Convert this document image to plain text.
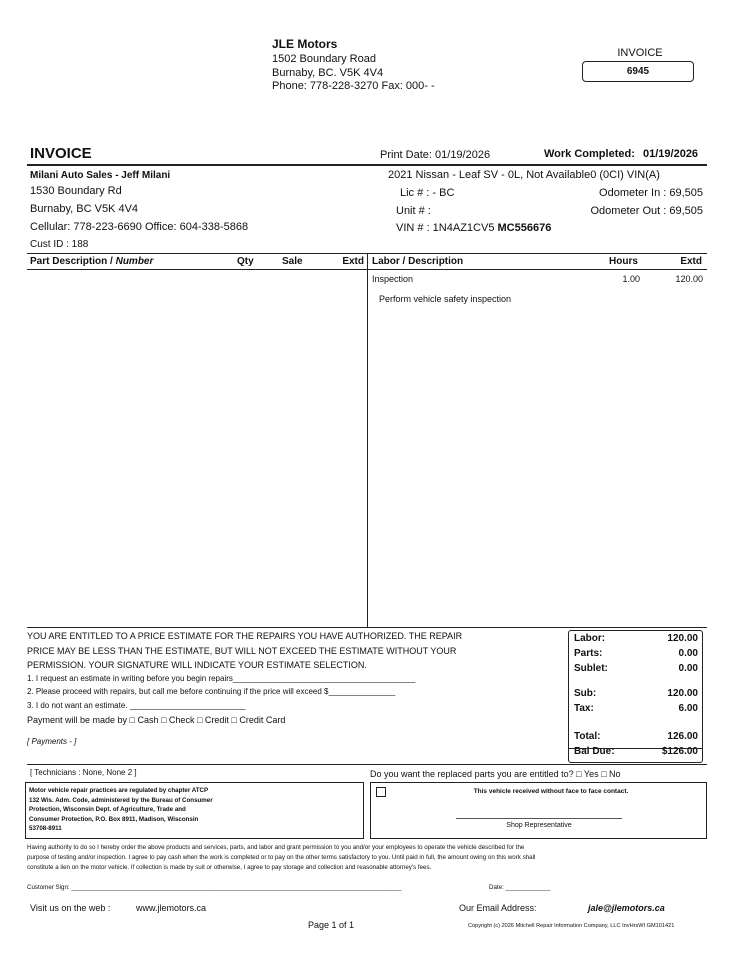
JLE Motors
1502 Boundary Road
Burnaby, BC. V5K 4V4
Phone: 778-228-3270 Fax: 000- -
INVOICE
6945
INVOICE	Print Date: 01/19/2026	Work Completed: 01/19/2026
Milani Auto Sales - Jeff Milani
1530 Boundary Rd
Burnaby, BC V5K 4V4
Cellular: 778-223-6690 Office: 604-338-5868
Cust ID : 188
2021 Nissan - Leaf SV - 0L, Not Available0 (0CI) VIN(A)
Lic # : - BC
Unit # :
VIN # : 1N4AZ1CV5 MC556676
Odometer In : 69,505
Odometer Out : 69,505
Part Description / Number	Qty	Sale	Extd Labor / Description	Hours	Extd
Inspection	1.00	120.00
Perform vehicle safety inspection
YOU ARE ENTITLED TO A PRICE ESTIMATE FOR THE REPAIRS YOU HAVE AUTHORIZED. THE REPAIR
PRICE MAY BE LESS THAN THE ESTIMATE, BUT WILL NOT EXCEED THE ESTIMATE WITHOUT YOUR
PERMISSION. YOUR SIGNATURE WILL INDICATE YOUR ESTIMATE SELECTION.
1. I request an estimate in writing before you begin repairs_________________________________________
2. Please proceed with repairs, but call me before continuing if the price will exceed $_______________
3. I do not want an estimate. __________________________
Payment will be made by □ Cash □ Check □ Credit □ Credit Card
[ Payments - ]
Labor:	120.00
Parts:	0.00
Sublet:	0.00
Sub:	120.00
Tax:	6.00
Total:	126.00
Bal Due:	$126.00
[ Technicians : None, None 2 ]	Do you want the replaced parts you are entitled to? □ Yes □ No
Motor vehicle repair practices are regulated by chapter ATCP
132 Wis. Adm. Code, administered by the Bureau of Consumer
Protection, Wisconsin Dept. of Agriculture, Trade and
Consumer Protection, P.O. Box 8911, Madison, Wisconsin
53708-8911
This vehicle received without face to face contact.
Shop Representative
Having authority to do so I hereby order the above products and services, parts, and labor and grant permission to you and/or your employees to operate the vehicle described for the
purpose of testing and/or inspection. I agree to pay cash when the work is completed or to pay on the other terms satisfactory to you. Until paid in full, the amount owing on this work shall
constitute a lien on the motor vehicle. If collection is made by suit or otherwise, I agree to pay storage and collection and reasonable attorney's fees.
Customer Sign: ________________________________________________________________________________________________	Date: _____________
Visit us on the web :	www.jlemotors.ca	Our Email Address:	jale@jlemotors.ca
Page 1 of 1	Copyright (c) 2026 Mitchell Repair Information Company, LLC InvHrsWI GM101421
